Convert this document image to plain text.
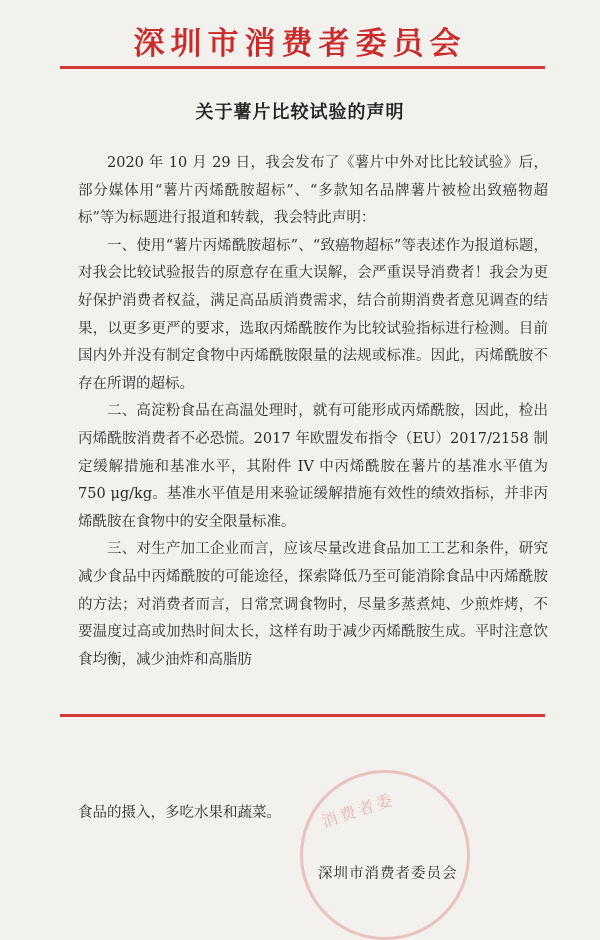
深圳市消费者委员会
关于薯片比较试验的声明

2020 年 10 月 29 日，我会发布了《薯片中外对比比较试验》后，部分媒体用“薯片丙烯酰胺超标”、“多款知名品牌薯片被检出致癌物超标”等为标题进行报道和转载，我会特此声明：

一、使用“薯片丙烯酰胺超标”、“致癌物超标”等表述作为报道标题，对我会比较试验报告的原意存在重大误解，会严重误导消费者！我会为更好保护消费者权益，满足高品质消费需求，结合前期消费者意见调查的结果，以更多更严的要求，选取丙烯酰胺作为比较试验指标进行检测。目前国内外并没有制定食物中丙烯酰胺限量的法规或标准。因此，丙烯酰胺不存在所谓的超标。

二、高淀粉食品在高温处理时，就有可能形成丙烯酰胺，因此，检出丙烯酰胺消费者不必恐慌。2017 年欧盟发布指令（EU）2017/2158 制定缓解措施和基准水平，其附件 IV 中丙烯酰胺在薯片的基准水平值为 750 μg/kg。基准水平值是用来验证缓解措施有效性的绩效指标，并非丙烯酰胺在食物中的安全限量标准。

三、对生产加工企业而言，应该尽量改进食品加工工艺和条件，研究减少食品中丙烯酰胺的可能途径，探索降低乃至可能消除食品中丙烯酰胺的方法；对消费者而言，日常烹调食物时，尽量多蒸煮炖、少煎炸烤，不要温度过高或加热时间太长，这样有助于减少丙烯酰胺生成。平时注意饮食均衡，减少油炸和高脂肪

食品的摄入，多吃水果和蔬菜。 消费者委
深圳市消费者委员会
